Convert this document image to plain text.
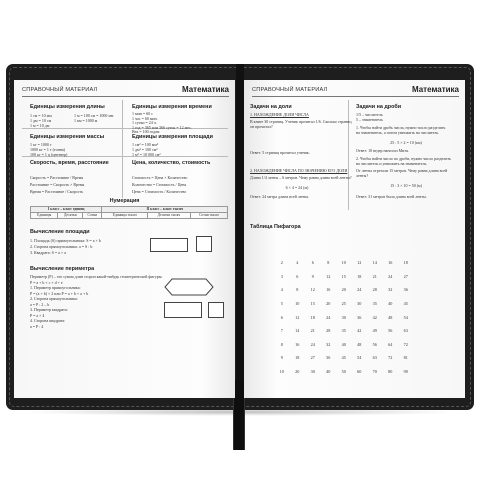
СПРАВОЧНЫЙ МАТЕРИАЛ	Математика
Единицы измерения длины
1 см = 10 мм
1 дм = 10 см
1 м = 10 дм
1 м = 100 см = 1000 мм
1 км = 1000 м
Единицы измерения времени
1 мин = 60 с
1 час = 60 мин.
1 сутки = 24 ч.
1 год = 365 или 366 суток = 12 мес.
Век = 100 годам
Единицы измерения массы
1 кг = 1000 г
1000 кг = 1 т (тонна)
100 кг = 1 ц (центнер)
Единицы измерения площади
1 см² = 100 мм²
1 дм² = 100 см²
1 м² = 10 000 см²
Скорость, время, расстояние
Скорость = Расстояние / Время
Расстояние = Скорость × Время
Время = Расстояние / Скорость
Цена, количество, стоимость
Стоимость = Цена × Количество
Количество = Стоимость / Цена
Цена = Стоимость / Количество
Нумерация
I класс – класс единиц			II класс – класс тысяч		
Единицы	Десятки	Сотни	Единицы тысяч	Десятки тысяч	Сотни тысяч
Вычисление площади
1. Площадь (S) прямоугольника: S = a × b
2. Сторона прямоугольника: a = S : b
3. Квадрата: S = a × a
Вычисление периметра
Периметр (P) – это сумма длин сторон какой-нибудь геометрической фигуры:
P = a + b + c + d + e
1. Периметр прямоугольника:
P = (a + b) × 2 или P = a + b + a + b
2. Сторона прямоугольника:
a = P : 2 – b
3. Периметр квадрата:
P = a × 4
4. Сторона квадрата:
a = P : 4
СПРАВОЧНЫЙ МАТЕРИАЛ	Математика
Задачи на доли
1. НАХОЖДЕНИЕ ДОЛИ ЧИСЛА
В книге 30 страниц. Ученик прочитал 1/6. Сколько страниц
он прочитал?
Ответ: 5 страниц прочитал ученик.
2. НАХОЖДЕНИЕ ЧИСЛА ПО ЗНАЧЕНИЮ ЕГО ДОЛИ
Длина 1/4 ленты – 6 метров. Чему равна длина всей ленты?
6 × 4 = 24 (м)
Ответ: 24 метра длина всей ленты.
Задачи на дроби
1/5 – числитель
5 – знаменатель
1. Чтобы найти дробь числа, нужно число разделить
на знаменатель, а потом умножить на числитель.
25 : 5 × 2 = 10 (км)
Ответ: 10 ведер наносил Митя.
2. Чтобы найти число по дроби, нужно число разделить
на числитель и умножить на знаменатель.
От ленты отрезали 15 метров. Чему равна длина всей
ленты?
15 : 3 × 10 = 50 (м)
Ответ: 31 метров была длина всей ленты.
Таблица Пифагора
2	4	6	8	10	12	14	16	18
3	6	9	12	15	18	21	24	27
4	8	12	16	20	24	28	32	36
5	10	15	20	25	30	35	40	45
6	12	18	24	30	36	42	48	54
7	14	21	28	35	42	49	56	63
8	16	24	32	40	48	56	64	72
9	18	27	36	45	54	63	72	81
10	20	30	40	50	60	70	80	90
